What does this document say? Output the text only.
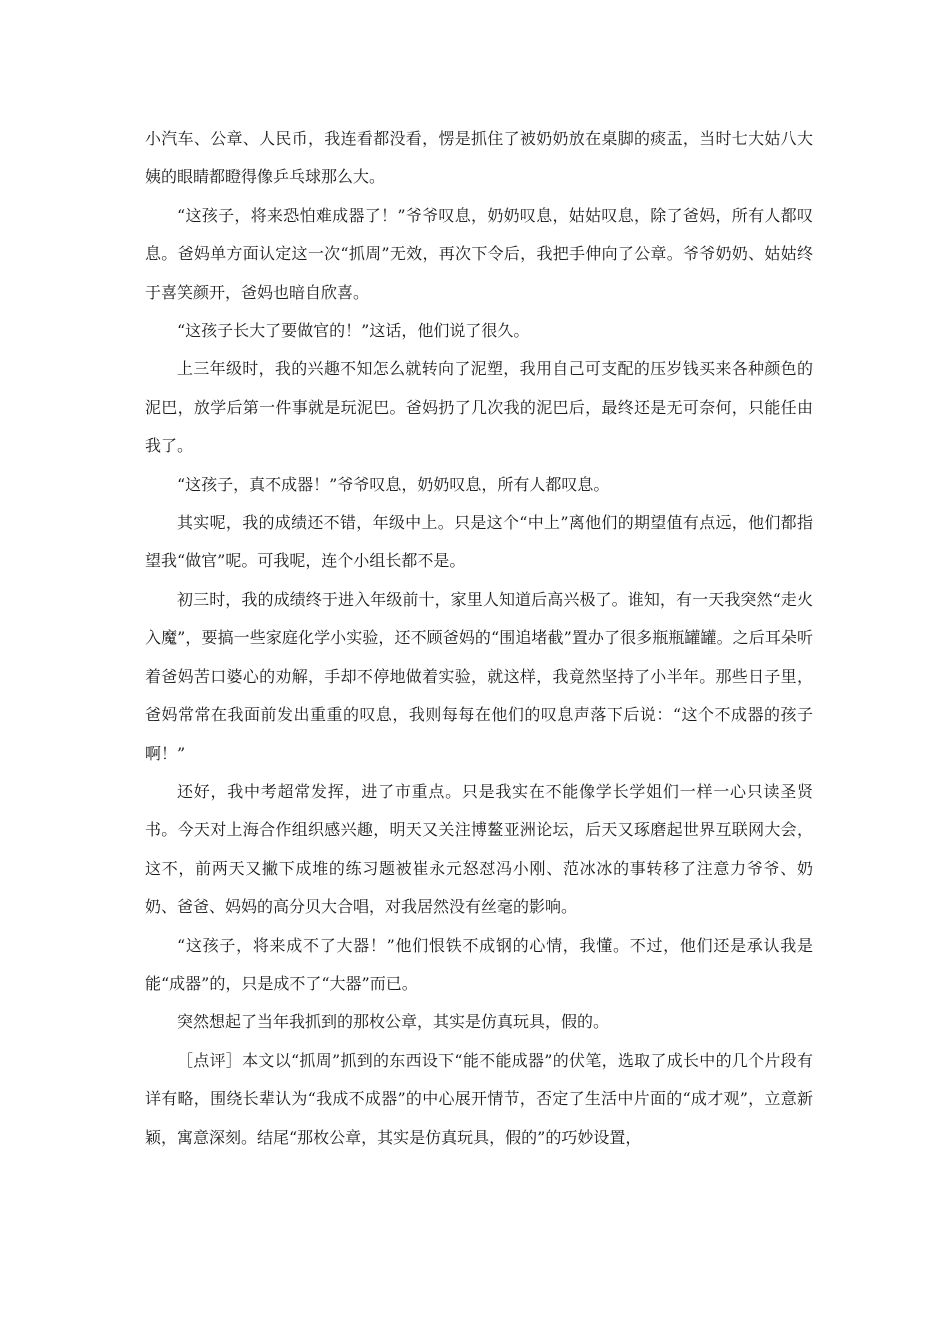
小汽车、公章、人民币，我连看都没看，愣是抓住了被奶奶放在桌脚的痰盂，当时七大姑八大姨的眼睛都瞪得像乒乓球那么大。

“这孩子，将来恐怕难成器了！”爷爷叹息，奶奶叹息，姑姑叹息，除了爸妈，所有人都叹息。爸妈单方面认定这一次“抓周”无效，再次下令后，我把手伸向了公章。爷爷奶奶、姑姑终于喜笑颜开，爸妈也暗自欣喜。

“这孩子长大了要做官的！”这话，他们说了很久。

上三年级时，我的兴趣不知怎么就转向了泥塑，我用自己可支配的压岁钱买来各种颜色的泥巴，放学后第一件事就是玩泥巴。爸妈扔了几次我的泥巴后，最终还是无可奈何，只能任由我了。

“这孩子，真不成器！”爷爷叹息，奶奶叹息，所有人都叹息。

其实呢，我的成绩还不错，年级中上。只是这个“中上”离他们的期望值有点远，他们都指望我“做官”呢。可我呢，连个小组长都不是。

初三时，我的成绩终于进入年级前十，家里人知道后高兴极了。谁知，有一天我突然“走火入魔”，要搞一些家庭化学小实验，还不顾爸妈的“围追堵截”置办了很多瓶瓶罐罐。之后耳朵听着爸妈苦口婆心的劝解，手却不停地做着实验，就这样，我竟然坚持了小半年。那些日子里，爸妈常常在我面前发出重重的叹息，我则每每在他们的叹息声落下后说：“这个不成器的孩子啊！”

还好，我中考超常发挥，进了市重点。只是我实在不能像学长学姐们一样一心只读圣贤书。今天对上海合作组织感兴趣，明天又关注博鳌亚洲论坛，后天又琢磨起世界互联网大会，这不，前两天又撇下成堆的练习题被崔永元怒怼冯小刚、范冰冰的事转移了注意力爷爷、奶奶、爸爸、妈妈的高分贝大合唱，对我居然没有丝毫的影响。

“这孩子，将来成不了大器！”他们恨铁不成钢的心情，我懂。不过，他们还是承认我是能“成器”的，只是成不了“大器”而已。

突然想起了当年我抓到的那枚公章，其实是仿真玩具，假的。

［点评］本文以“抓周”抓到的东西设下“能不能成器”的伏笔，选取了成长中的几个片段有详有略，围绕长辈认为“我成不成器”的中心展开情节，否定了生活中片面的“成才观”，立意新颖，寓意深刻。结尾“那枚公章，其实是仿真玩具，假的”的巧妙设置，
